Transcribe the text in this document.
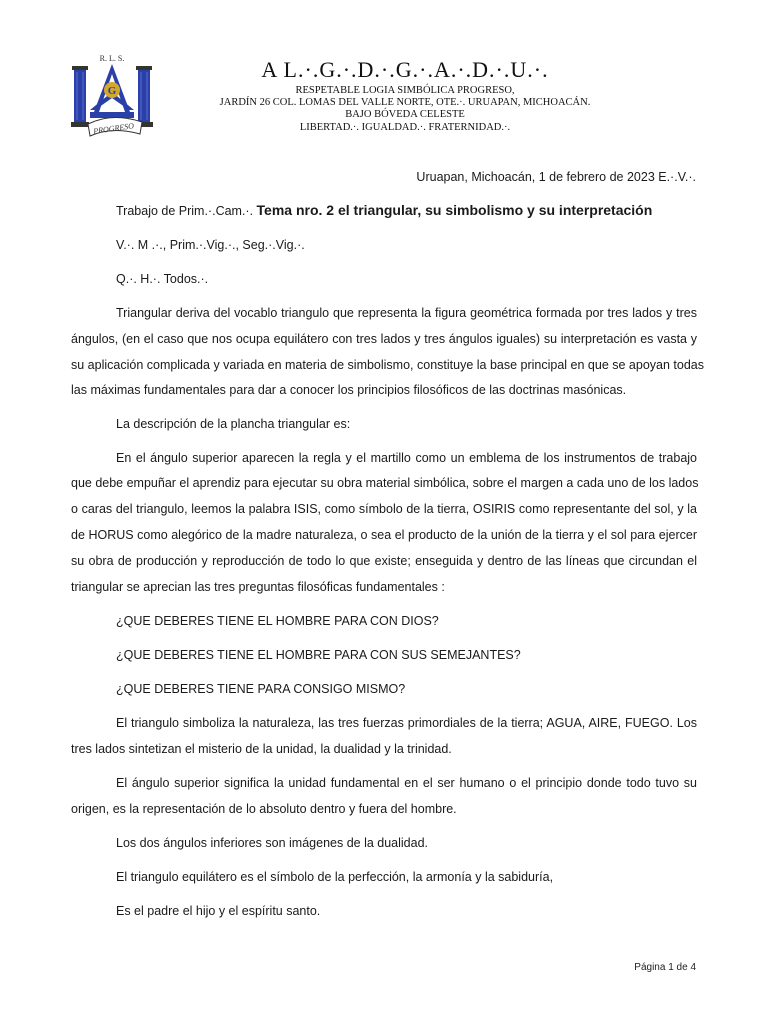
R. L. S.
G
PROGRESO
A L.·.G.·.D.·.G.·.A.·.D.·.U.·.
RESPETABLE LOGIA SIMBÓLICA PROGRESO,
JARDÍN 26 COL. LOMAS DEL VALLE NORTE, OTE.·. URUAPAN, MICHOACÁN.
BAJO BÓVEDA CELESTE
LIBERTAD.·. IGUALDAD.·. FRATERNIDAD.·.
Uruapan, Michoacán, 1 de febrero de 2023 E.·.V.·.
Trabajo de Prim.·.Cam.·. Tema nro. 2 el triangular, su simbolismo y su interpretación
V.·. M .·., Prim.·.Vig.·., Seg.·.Vig.·.
Q.·. H.·. Todos.·.
Triangular deriva del vocablo triangulo que representa la figura geométrica formada por tres lados y tres
ángulos, (en el caso que nos ocupa equilátero con tres lados y tres ángulos iguales) su interpretación es vasta y
su aplicación complicada y variada en materia de simbolismo, constituye la base principal en que se apoyan todas
las máximas fundamentales para dar a conocer los principios filosóficos de las doctrinas masónicas.
La descripción de la plancha triangular es:
En el ángulo superior aparecen la regla y el martillo como un emblema de los instrumentos de trabajo
que debe empuñar el aprendiz para ejecutar su obra material simbólica, sobre el margen a cada uno de los lados
o caras del triangulo, leemos la palabra ISIS, como símbolo de la tierra, OSIRIS como representante del sol, y la
de HORUS como alegórico de la madre naturaleza, o sea el producto de la unión de la tierra y el sol para ejercer
su obra de producción y reproducción de todo lo que existe; enseguida y dentro de las líneas que circundan el
triangular se aprecian las tres preguntas filosóficas fundamentales :
¿QUE DEBERES TIENE EL HOMBRE PARA CON DIOS?
¿QUE DEBERES TIENE EL HOMBRE PARA CON SUS SEMEJANTES?
¿QUE DEBERES TIENE PARA CONSIGO MISMO?
El triangulo simboliza la naturaleza, las tres fuerzas primordiales de la tierra; AGUA, AIRE, FUEGO. Los
tres lados sintetizan el misterio de la unidad, la dualidad y la trinidad.
El ángulo superior significa la unidad fundamental en el ser humano o el principio donde todo tuvo su
origen, es la representación de lo absoluto dentro y fuera del hombre.
Los dos ángulos inferiores son imágenes de la dualidad.
El triangulo equilátero es el símbolo de la perfección, la armonía y la sabiduría,
Es el padre el hijo y el espíritu santo.
Página 1 de 4
